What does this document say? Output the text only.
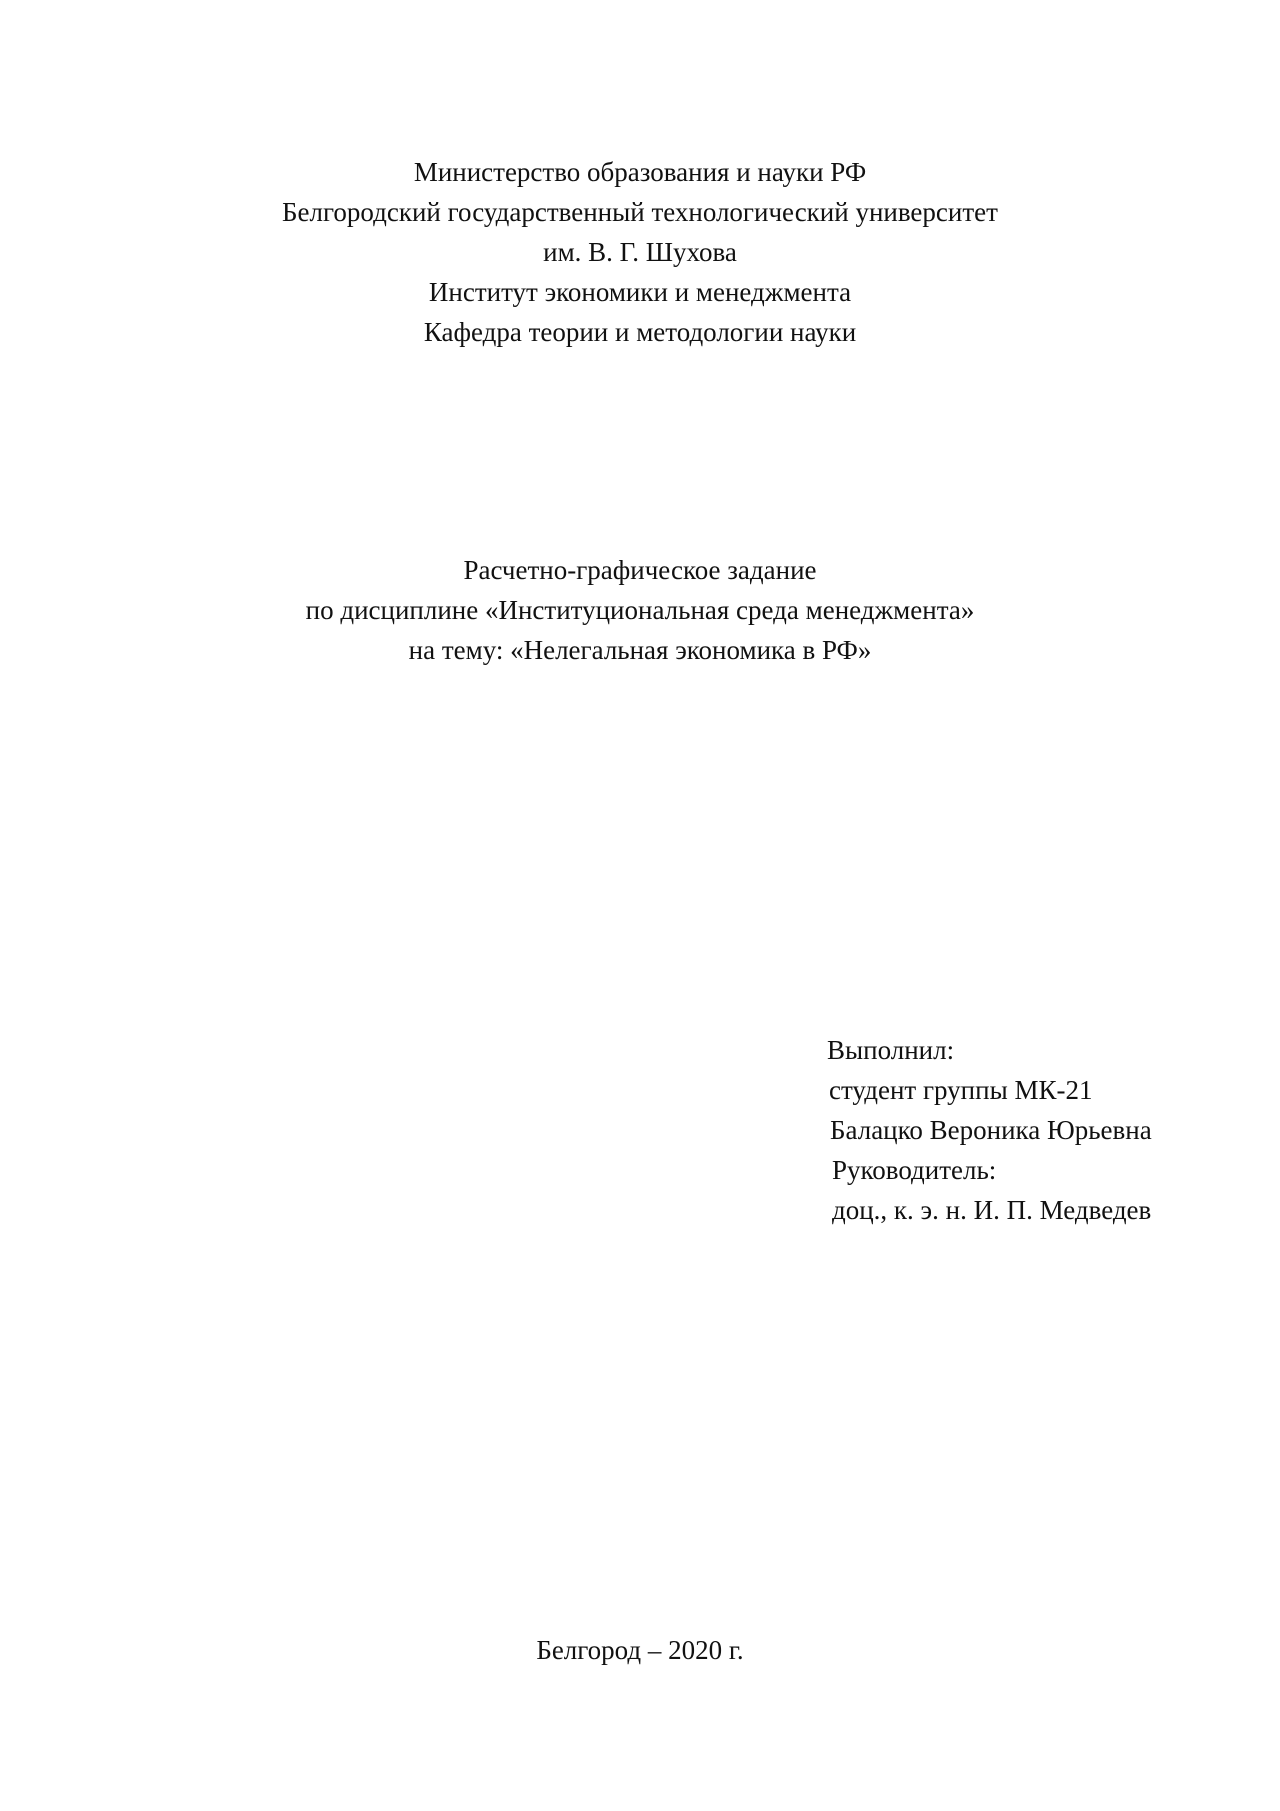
Министерство образования и науки РФ
Белгородский государственный технологический университет
им. В. Г. Шухова
Институт экономики и менеджмента
Кафедра теории и методологии науки
Расчетно-графическое задание
по дисциплине «Институциональная среда менеджмента»
на тему: «Нелегальная экономика в РФ»
Выполнил:
студент группы МК-21
Балацко Вероника Юрьевна
Руководитель:
доц., к. э. н. И. П. Медведев
Белгород – 2020 г.
